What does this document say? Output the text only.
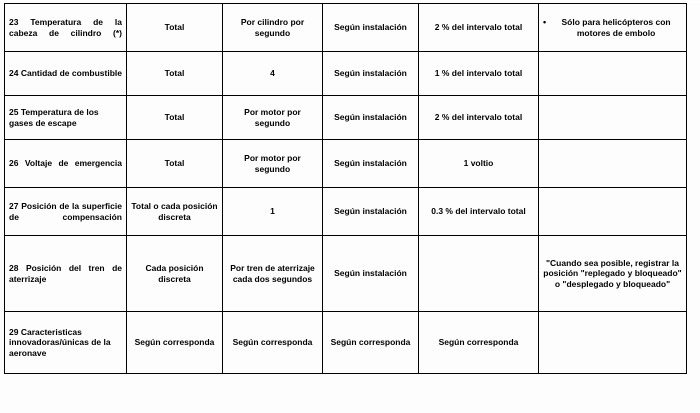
23 Temperatura de la cabeza de cilindro (*)	Total	Por cilindro por segundo	Según instalación	2 % del intervalo total	• Sólo para helicópteros con motores de embolo

24 Cantidad de combustible	Total	4	Según instalación	1 % del intervalo total	
25 Temperatura de los gases de escape	Total	Por motor por segundo	Según instalación	2 % del intervalo total	
26 Voltaje de emergencia	Total	Por motor por segundo	Según instalación	1 voltio	
27 Posición de la superficie de compensación	Total o cada posición discreta	1	Según instalación	0.3 % del intervalo total	
28 Posición del tren de aterrizaje	Cada posición discreta	Por tren de aterrizaje cada dos segundos	Según instalación		"Cuando sea posible, registrar la posición "replegado y bloqueado" o "desplegado y bloqueado"
29 Caracteristicas innovadoras/únicas de la aeronave	Según corresponda	Según corresponda	Según corresponda	Según corresponda	
